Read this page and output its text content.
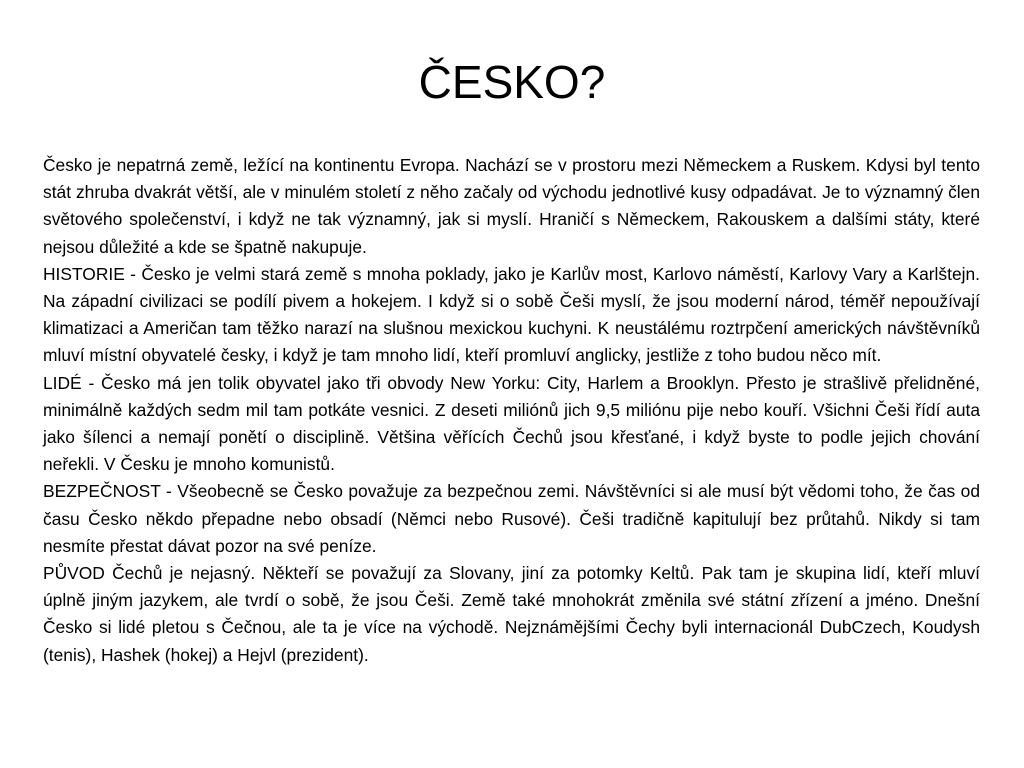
ČESKO?

Česko je nepatrná země, ležící na kontinentu Evropa. Nachází se v prostoru mezi Německem a Ruskem. Kdysi byl tento stát zhruba dvakrát větší, ale v minulém století z něho začaly od východu jednotlivé kusy odpadávat. Je to významný člen světového společenství, i když ne tak významný, jak si myslí. Hraničí s Německem, Rakouskem a dalšími státy, které nejsou důležité a kde se špatně nakupuje.

HISTORIE - Česko je velmi stará země s mnoha poklady, jako je Karlův most, Karlovo náměstí, Karlovy Vary a Karlštejn. Na západní civilizaci se podílí pivem a hokejem. I když si o sobě Češi myslí, že jsou moderní národ, téměř nepoužívají klimatizaci a Američan tam těžko narazí na slušnou mexickou kuchyni. K neustálému roztrpčení amerických návštěvníků mluví místní obyvatelé česky, i když je tam mnoho lidí, kteří promluví anglicky, jestliže z toho budou něco mít.

LIDÉ - Česko má jen tolik obyvatel jako tři obvody New Yorku: City, Harlem a Brooklyn. Přesto je strašlivě přelidněné, minimálně každých sedm mil tam potkáte vesnici. Z deseti miliónů jich 9,5 miliónu pije nebo kouří. Všichni Češi řídí auta jako šílenci a nemají ponětí o disciplině. Většina věřících Čechů jsou křesťané, i když byste to podle jejich chování neřekli. V Česku je mnoho komunistů.

BEZPEČNOST - Všeobecně se Česko považuje za bezpečnou zemi. Návštěvníci si ale musí být vědomi toho, že čas od času Česko někdo přepadne nebo obsadí (Němci nebo Rusové). Češi tradičně kapitulují bez průtahů. Nikdy si tam nesmíte přestat dávat pozor na své peníze.

PŮVOD Čechů je nejasný. Někteří se považují za Slovany, jiní za potomky Keltů. Pak tam je skupina lidí, kteří mluví úplně jiným jazykem, ale tvrdí o sobě, že jsou Češi. Země také mnohokrát změnila své státní zřízení a jméno. Dnešní Česko si lidé pletou s Čečnou, ale ta je více na východě. Nejznámějšími Čechy byli internacionál DubCzech, Koudysh (tenis), Hashek (hokej) a Hejvl (prezident).
